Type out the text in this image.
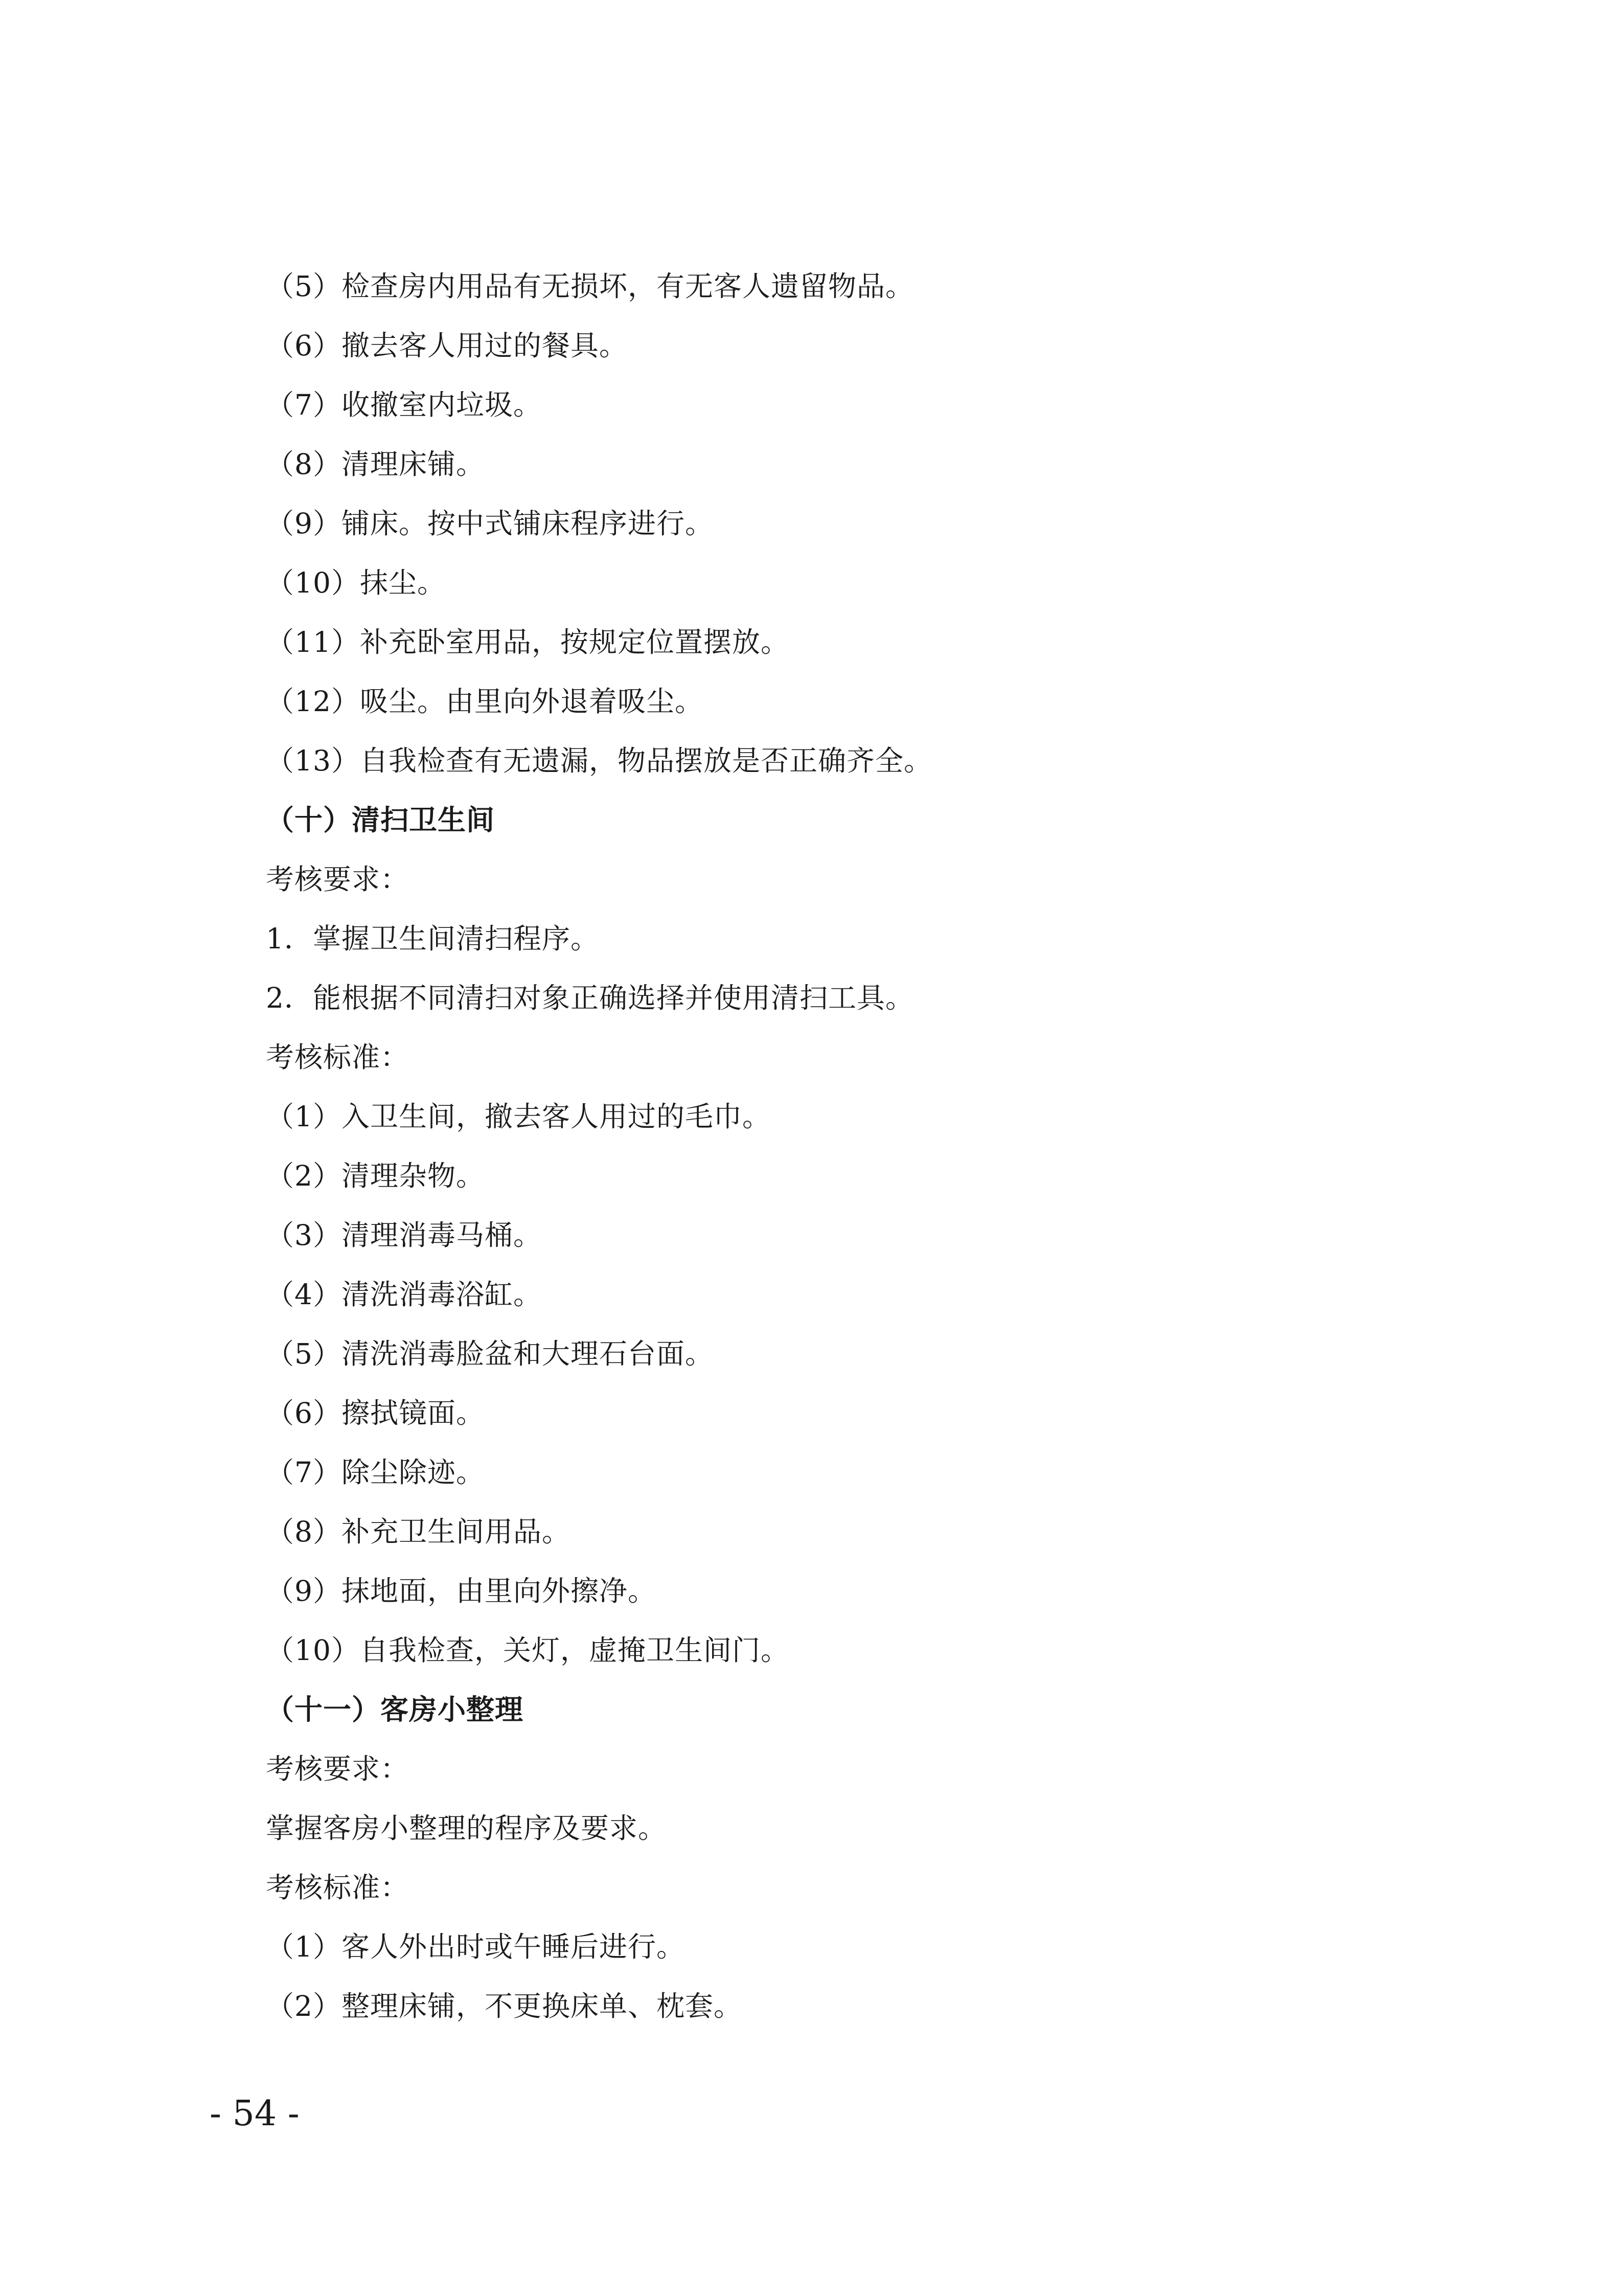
（5）检查房内用品有无损坏，有无客人遗留物品。
（6）撤去客人用过的餐具。
（7）收撤室内垃圾。
（8）清理床铺。
（9）铺床。按中式铺床程序进行。
（10）抹尘。
（11）补充卧室用品，按规定位置摆放。
（12）吸尘。由里向外退着吸尘。
（13）自我检查有无遗漏，物品摆放是否正确齐全。
（十）清扫卫生间
考核要求：
1．掌握卫生间清扫程序。
2．能根据不同清扫对象正确选择并使用清扫工具。
考核标准：
（1）入卫生间，撤去客人用过的毛巾。
（2）清理杂物。
（3）清理消毒马桶。
（4）清洗消毒浴缸。
（5）清洗消毒脸盆和大理石台面。
（6）擦拭镜面。
（7）除尘除迹。
（8）补充卫生间用品。
（9）抹地面，由里向外擦净。
（10）自我检查，关灯，虚掩卫生间门。
（十一）客房小整理
考核要求：
掌握客房小整理的程序及要求。
考核标准：
（1）客人外出时或午睡后进行。
（2）整理床铺，不更换床单、枕套。
- 54 -
